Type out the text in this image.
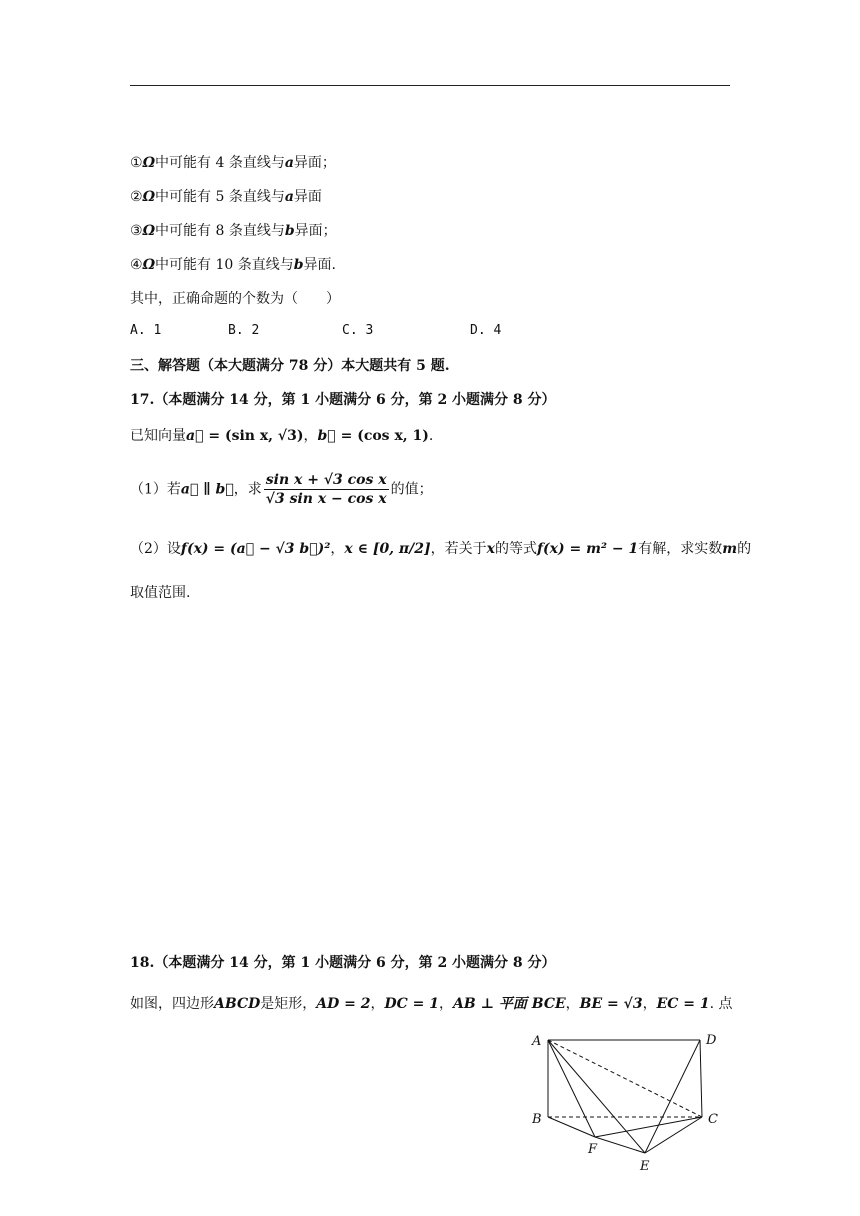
①Ω中可能有 4 条直线与a异面；
②Ω中可能有 5 条直线与a异面
③Ω中可能有 8 条直线与b异面；
④Ω中可能有 10 条直线与b异面.
其中，正确命题的个数为（　　）
A. 1	B. 2	C. 3	D. 4
三、解答题（本大题满分 78 分）本大题共有 5 题.
17.（本题满分 14 分，第 1 小题满分 6 分，第 2 小题满分 8 分）
已知向量a⃗ = (sin x, √3)，b⃗ = (cos x, 1).
（1）若a⃗ ∥ b⃗，求 $\frac{\text{sin x + √3 cos x}}{\text{√3 sin x − cos x}}$ 的值；
（2）设f(x) = (a⃗ − √3 b⃗)²，x ∈ [0, π/2]，若关于x的等式f(x) = m² − 1有解，求实数m的
取值范围.
18.（本题满分 14 分，第 1 小题满分 6 分，第 2 小题满分 8 分）
如图，四边形ABCD是矩形，AD = 2，DC = 1，AB ⊥ 平面 BCE，BE = √3，EC = 1. 点
A
B	C
D
E
F
